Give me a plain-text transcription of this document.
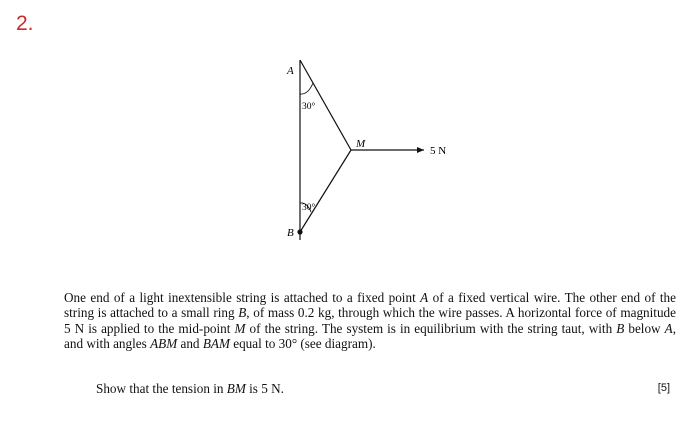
2.
A
B
M
30°
30°
5 N
One end of a light inextensible string is attached to a fixed point A of a fixed vertical wire. The other end of the string is attached to a small ring B, of mass 0.2 kg, through which the wire passes. A horizontal force of magnitude 5 N is applied to the mid-point M of the string. The system is in equilibrium with the string taut, with B below A, and with angles ABM and BAM equal to 30° (see diagram).
Show that the tension in BM is 5 N.	[5]
